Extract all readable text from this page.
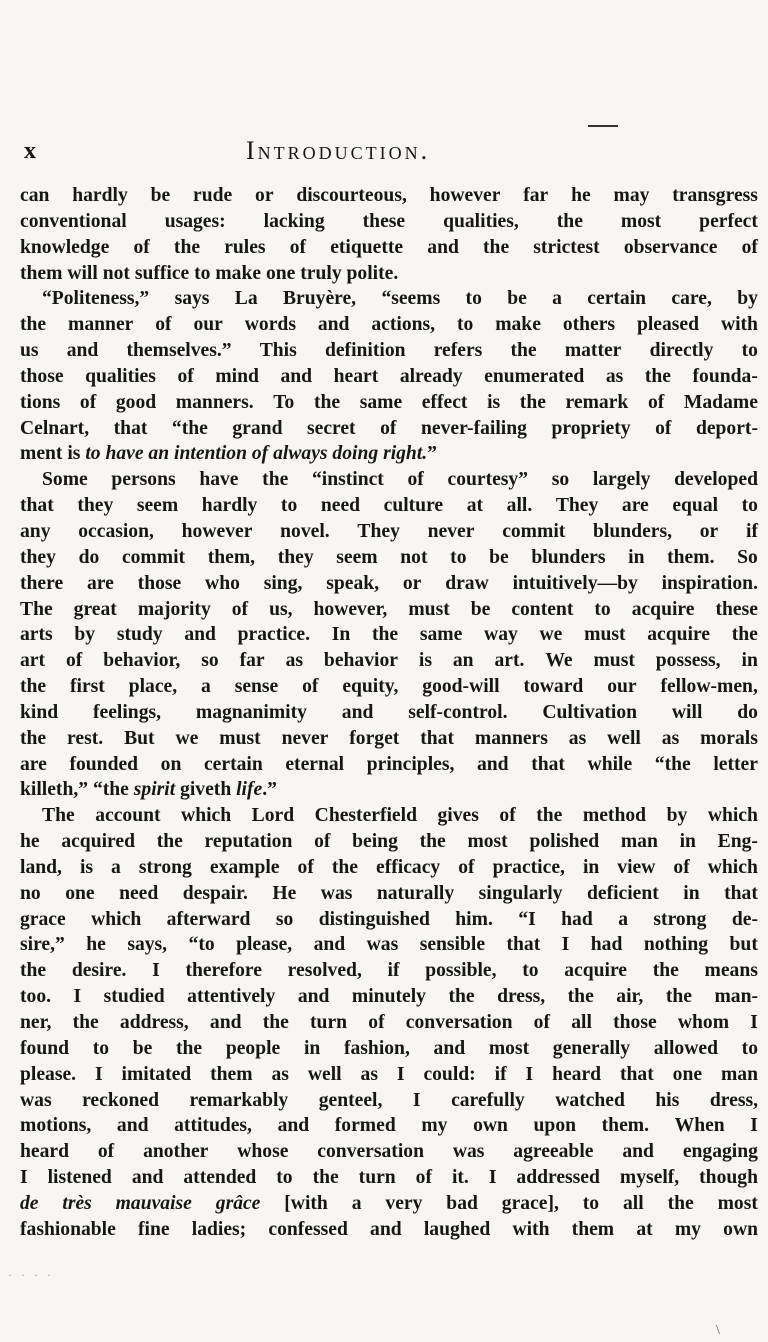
x	Introduction.
can hardly be rude or discourteous, however far he may transgress
conventional usages: lacking these qualities, the most perfect
knowledge of the rules of etiquette and the strictest observance of
them will not suffice to make one truly polite.
“Politeness,” says La Bruyère, “seems to be a certain care, by
the manner of our words and actions, to make others pleased with
us and themselves.” This definition refers the matter directly to
those qualities of mind and heart already enumerated as the founda-
tions of good manners. To the same effect is the remark of Madame
Celnart, that “the grand secret of never-failing propriety of deport-
ment is to have an intention of always doing right.”
Some persons have the “instinct of courtesy” so largely developed
that they seem hardly to need culture at all. They are equal to
any occasion, however novel. They never commit blunders, or if
they do commit them, they seem not to be blunders in them. So
there are those who sing, speak, or draw intuitively—by inspiration.
The great majority of us, however, must be content to acquire these
arts by study and practice. In the same way we must acquire the
art of behavior, so far as behavior is an art. We must possess, in
the first place, a sense of equity, good-will toward our fellow-men,
kind feelings, magnanimity and self-control. Cultivation will do
the rest. But we must never forget that manners as well as morals
are founded on certain eternal principles, and that while “the letter
killeth,” “the spirit giveth life.”
The account which Lord Chesterfield gives of the method by which
he acquired the reputation of being the most polished man in Eng-
land, is a strong example of the efficacy of practice, in view of which
no one need despair. He was naturally singularly deficient in that
grace which afterward so distinguished him. “I had a strong de-
sire,” he says, “to please, and was sensible that I had nothing but
the desire. I therefore resolved, if possible, to acquire the means
too. I studied attentively and minutely the dress, the air, the man-
ner, the address, and the turn of conversation of all those whom I
found to be the people in fashion, and most generally allowed to
please. I imitated them as well as I could: if I heard that one man
was reckoned remarkably genteel, I carefully watched his dress,
motions, and attitudes, and formed my own upon them. When I
heard of another whose conversation was agreeable and engaging
I listened and attended to the turn of it. I addressed myself, though
de très mauvaise grâce [with a very bad grace], to all the most
fashionable fine ladies; confessed and laughed with them at my own
· · · ·
\
